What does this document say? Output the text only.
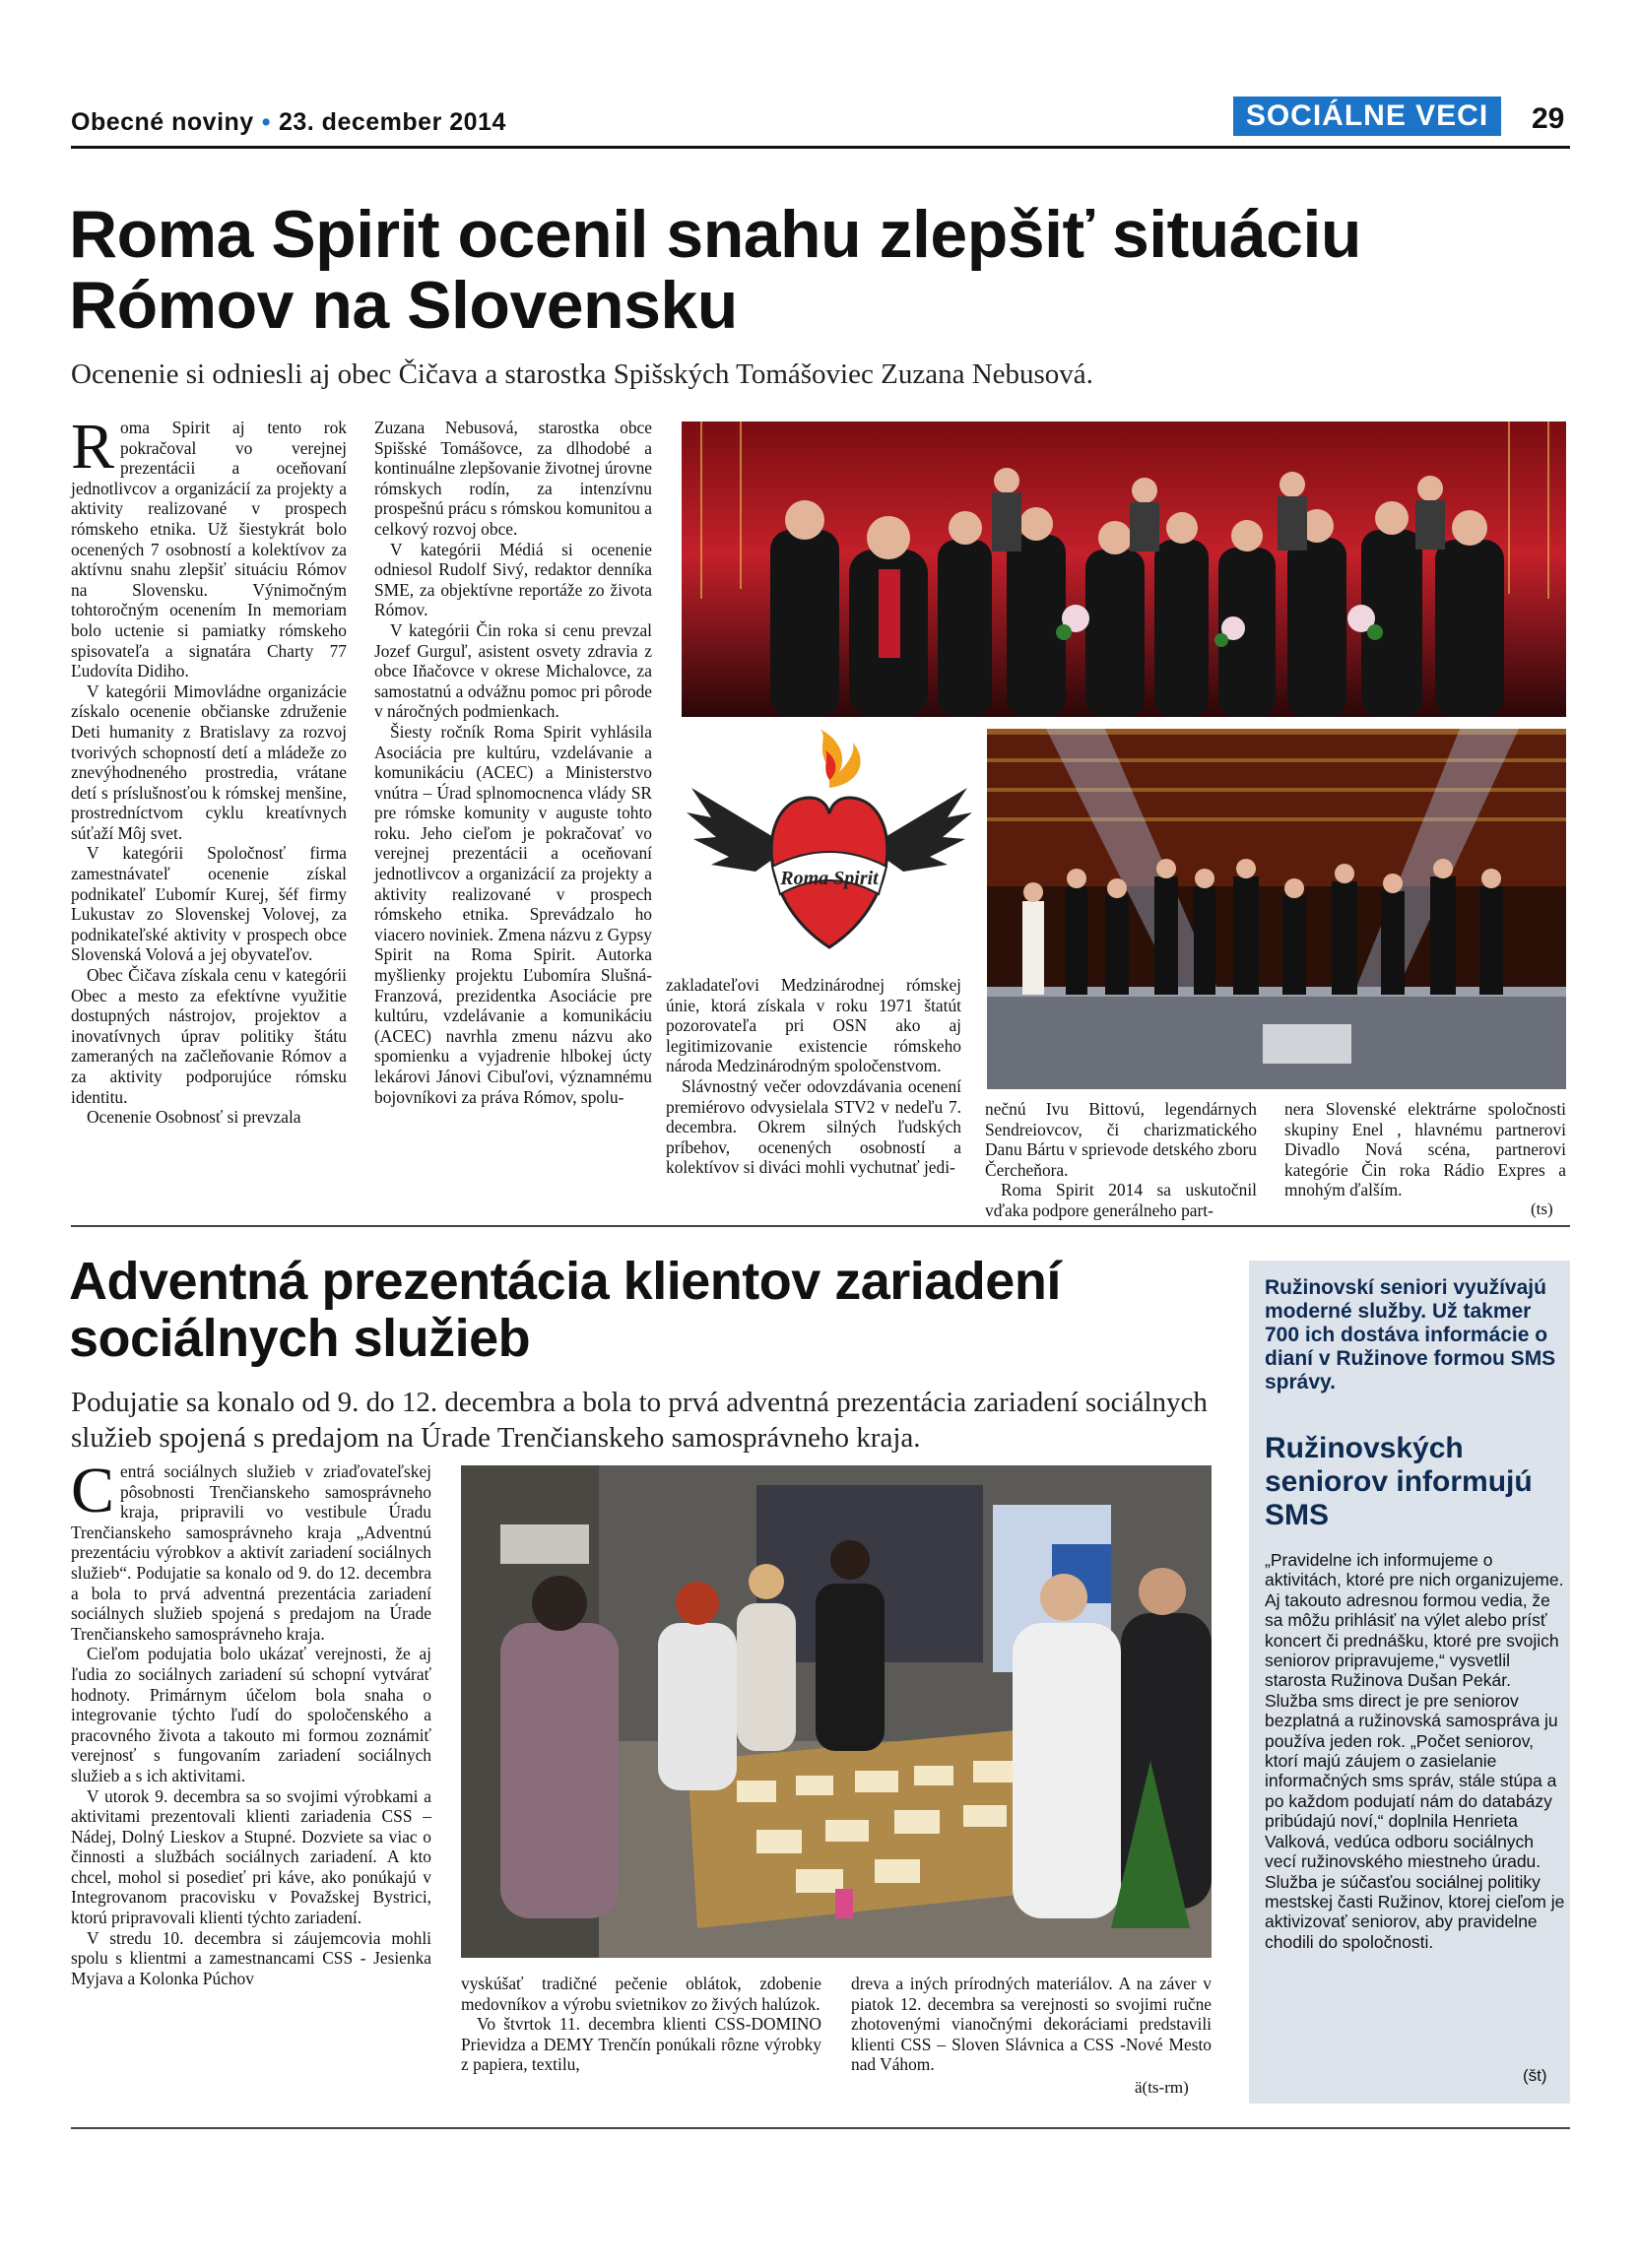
Obecné noviny • 23. december 2014	SOCIÁLNE VECI	29
Roma Spirit ocenil snahu zlepšiť situáciu Rómov na Slovensku
Ocenenie si odniesli aj obec Čičava a starostka Spišských Tomášoviec Zuzana Nebusová.

Roma Spirit aj tento rok pokračoval vo verejnej prezentácii a oceňovaní jednotlivcov a organizácií za projekty a aktivity realizované v prospech rómskeho etnika. Už šiestykrát bolo ocenených 7 osobností a kolektívov za aktívnu snahu zlepšiť situáciu Rómov na Slovensku. Výnimočným tohtoročným ocenením In memoriam bolo uctenie si pamiatky rómskeho spisovateľa a signatára Charty 77 Ľudovíta Didiho.

V kategórii Mimovládne organizácie získalo ocenenie občianske združenie Deti humanity z Bratislavy za rozvoj tvorivých schopností detí a mládeže zo znevýhodneného prostredia, vrátane detí s príslušnosťou k rómskej menšine, prostredníctvom cyklu kreatívnych súťaží Môj svet.

V kategórii Spoločnosť firma zamestnávateľ ocenenie získal podnikateľ Ľubomír Kurej, šéf firmy Lukustav zo Slovenskej Volovej, za podnikateľské aktivity v prospech obce Slovenská Volová a jej obyvateľov.

Obec Čičava získala cenu v kategórii Obec a mesto za efektívne využitie dostupných nástrojov, projektov a inovatívnych úprav politiky štátu zameraných na začleňovanie Rómov a za aktivity podporujúce rómsku identitu.

Ocenenie Osobnosť si prevzala

Zuzana Nebusová, starostka obce Spišské Tomášovce, za dlhodobé a kontinuálne zlepšovanie životnej úrovne rómskych rodín, za intenzívnu prospešnú prácu s rómskou komunitou a celkový rozvoj obce.

V kategórii Médiá si ocenenie odniesol Rudolf Sivý, redaktor denníka SME, za objektívne reportáže zo života Rómov.

V kategórii Čin roka si cenu prevzal Jozef Gurguľ, asistent osvety zdravia z obce Iňačovce v okrese Michalovce, za samostatnú a odvážnu pomoc pri pôrode v náročných podmienkach.

Šiesty ročník Roma Spirit vyhlásila Asociácia pre kultúru, vzdelávanie a komunikáciu (ACEC) a Ministerstvo vnútra – Úrad splnomocnenca vlády SR pre rómske komunity v auguste tohto roku. Jeho cieľom je pokračovať vo verejnej prezentácii a oceňovaní jednotlivcov a organizácií za projekty a aktivity realizované v prospech rómskeho etnika. Sprevádzalo ho viacero noviniek. Zmena názvu z Gypsy Spirit na Roma Spirit. Autorka myšlienky projektu Ľubomíra Slušná-Franzová, prezidentka Asociácie pre kultúru, vzdelávanie a komunikáciu (ACEC) navrhla zmenu názvu ako spomienku a vyjadrenie hlbokej úcty lekárovi Jánovi Cibuľovi, významnému bojovníkovi za práva Rómov, spolu-

Roma Spirit

zakladateľovi Medzinárodnej rómskej únie, ktorá získala v roku 1971 štatút pozorovateľa pri OSN ako aj legitimizovanie existencie rómskeho národa Medzinárodným spoločenstvom.

Slávnostný večer odovzdávania ocenení premiérovo odvysielala STV2 v nedeľu 7. decembra. Okrem silných ľudských príbehov, ocenených osobností a kolektívov si diváci mohli vychutnať jedi-

nečnú Ivu Bittovú, legendárnych Sendreiovcov, či charizmatického Danu Bártu v sprievode detského zboru Čercheňora.

Roma Spirit 2014 sa uskutočnil vďaka podpore generálneho part-

nera Slovenské elektrárne spoločnosti skupiny Enel , hlavnému partnerovi Divadlo Nová scéna, partnerovi kategórie Čin roka Rádio Expres a mnohým ďalším.

(ts)
Adventná prezentácia klientov zariadení sociálnych služieb
Podujatie sa konalo od 9. do 12. decembra a bola to prvá adventná prezentácia zariadení sociálnych služieb spojená s predajom na Úrade Trenčianskeho samosprávneho kraja.

Centrá sociálnych služieb v zriaďovateľskej pôsobnosti Trenčianskeho samosprávneho kraja, pripravili vo vestibule Úradu Trenčianskeho samosprávneho kraja „Adventnú prezentáciu výrobkov a aktivít zariadení sociálnych služieb“. Podujatie sa konalo od 9. do 12. decembra a bola to prvá adventná prezentácia zariadení sociálnych služieb spojená s predajom na Úrade Trenčianskeho samosprávneho kraja.

Cieľom podujatia bolo ukázať verejnosti, že aj ľudia zo sociálnych zariadení sú schopní vytvárať hodnoty. Primárnym účelom bola snaha o integrovanie týchto ľudí do spoločenského a pracovného života a takouto mi formou zoznámiť verejnosť s fungovaním zariadení sociálnych služieb a s ich aktivitami.

V utorok 9. decembra sa so svojimi výrobkami a aktivitami prezentovali klienti zariadenia CSS – Nádej, Dolný Lieskov a Stupné. Dozviete sa viac o činnosti a službách sociálnych zariadení. A kto chcel, mohol si posedieť pri káve, ako ponúkajú v Integrovanom pracovisku v Považskej Bystrici, ktorú pripravovali klienti týchto zariadení.

V stredu 10. decembra si záujemcovia mohli spolu s klientmi a zamestnancami CSS - Jesienka Myjava a Kolonka Púchov	vyskúšať tradičné pečenie oblátok, zdobenie medovníkov a výrobu svietnikov zo živých halúzok.

Vo štvrtok 11. decembra klienti CSS-DOMINO Prievidza a DEMY Trenčín ponúkali rôzne výrobky z papiera, textilu,

dreva a iných prírodných materiálov. A na záver v piatok 12. decembra sa verejnosti so svojimi ručne zhotovenými vianočnými dekoráciami predstavili klienti CSS – Sloven Slávnica a CSS -Nové Mesto nad Váhom.

ä(ts-rm)
Ružinovskí seniori využívajú moderné služby. Už takmer 700 ich dostáva informácie o dianí v Ružinove formou SMS správy.
Ružinovských seniorov informujú SMS

„Pravidelne ich informujeme o aktivitách, ktoré pre nich organizujeme. Aj takouto adresnou formou vedia, že sa môžu prihlásiť na výlet alebo prísť koncert či prednášku, ktoré pre svojich seniorov pripravujeme,“ vysvetlil starosta Ružinova Dušan Pekár.

Služba sms direct je pre seniorov bezplatná a ružinovská samospráva ju používa jeden rok. „Počet seniorov, ktorí majú záujem o zasielanie informačných sms správ, stále stúpa a po každom podujatí nám do databázy pribúdajú noví,“ doplnila Henrieta Valková, vedúca odboru sociálnych vecí ružinovského miestneho úradu.

Služba je súčasťou sociálnej politiky mestskej časti Ružinov, ktorej cieľom je aktivizovať seniorov, aby pravidelne chodili do spoločnosti.

(št)
